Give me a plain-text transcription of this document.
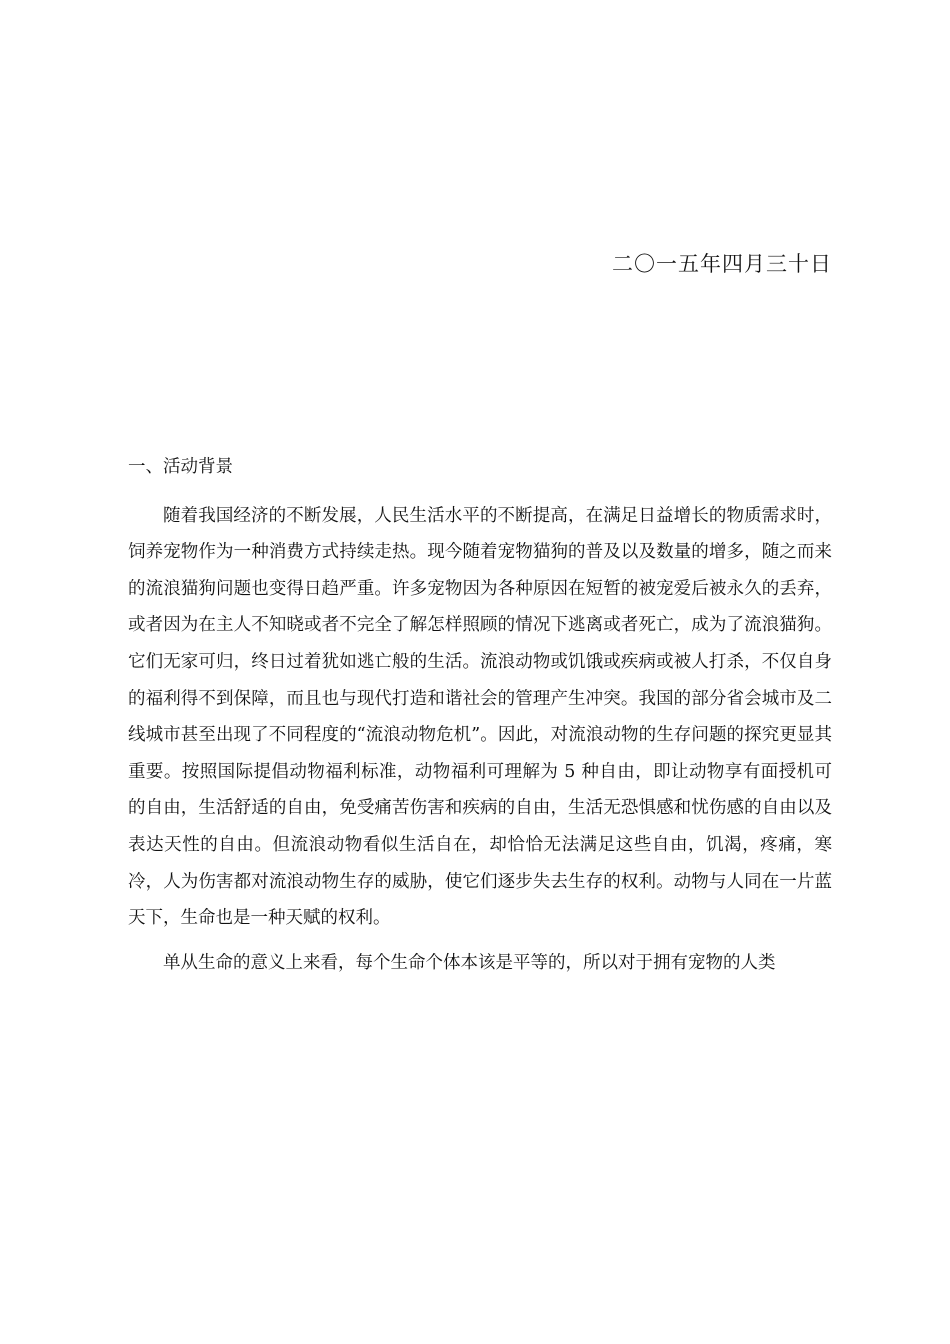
二〇一五年四月三十日
一、活动背景

随着我国经济的不断发展，人民生活水平的不断提高，在满足日益增长的物质需求时，饲养宠物作为一种消费方式持续走热。现今随着宠物猫狗的普及以及数量的增多，随之而来的流浪猫狗问题也变得日趋严重。许多宠物因为各种原因在短暂的被宠爱后被永久的丢弃，或者因为在主人不知晓或者不完全了解怎样照顾的情况下逃离或者死亡，成为了流浪猫狗。它们无家可归，终日过着犹如逃亡般的生活。流浪动物或饥饿或疾病或被人打杀，不仅自身的福利得不到保障，而且也与现代打造和谐社会的管理产生冲突。我国的部分省会城市及二线城市甚至出现了不同程度的“流浪动物危机”。因此，对流浪动物的生存问题的探究更显其重要。按照国际提倡动物福利标准，动物福利可理解为 5 种自由，即让动物享有面授机可的自由，生活舒适的自由，免受痛苦伤害和疾病的自由，生活无恐惧感和忧伤感的自由以及表达天性的自由。但流浪动物看似生活自在，却恰恰无法满足这些自由，饥渴，疼痛，寒冷，人为伤害都对流浪动物生存的威胁，使它们逐步失去生存的权利。动物与人同在一片蓝天下，生命也是一种天赋的权利。

单从生命的意义上来看，每个生命个体本该是平等的，所以对于拥有宠物的人类
